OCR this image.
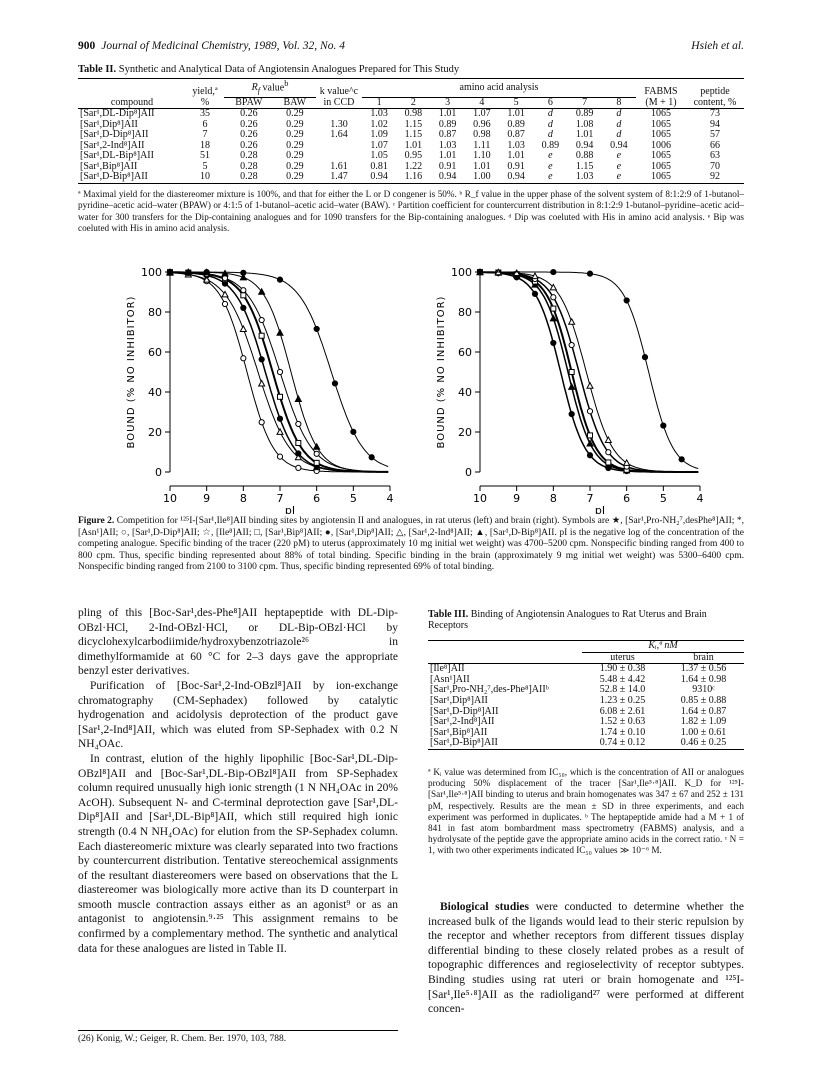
900 Journal of Medicinal Chemistry, 1989, Vol. 32, No. 4	Hsieh et al.
Table II. Synthetic and Analytical Data of Angiotensin Analogues Prepared for This Study
compound	yield,ª %	$R_f$ value$^b$		k value^c in CCD	amino acid analysis								FABMS (M + 1)	peptide content, %
		BPAW	BAW		1	2	3	4	5	6	7	8		
[Sar¹,DL-Dip⁸]AII	35	0.26	0.29		1.03	0.98	1.01	1.07	1.01	d	0.89	d	1065	73
[Sar¹,Dip⁸]AII	6	0.26	0.29	1.30	1.02	1.15	0.89	0.96	0.89	d	1.08	d	1065	94
[Sar¹,D-Dip⁸]AII	7	0.26	0.29	1.64	1.09	1.15	0.87	0.98	0.87	d	1.01	d	1065	57
[Sar¹,2-Ind⁸]AII	18	0.26	0.29		1.07	1.01	1.03	1.11	1.03	0.89	0.94	0.94	1006	66
[Sar¹,DL-Bip⁸]AII	51	0.28	0.29		1.05	0.95	1.01	1.10	1.01	e	0.88	e	1065	63
[Sar¹,Bip⁸]AII	5	0.28	0.29	1.61	0.81	1.22	0.91	1.01	0.91	e	1.15	e	1065	70
[Sar¹,D-Bip⁸]AII	10	0.28	0.29	1.47	0.94	1.16	0.94	1.00	0.94	e	1.03	e	1065	92
ª Maximal yield for the diastereomer mixture is 100%, and that for either the L or D congener is 50%. ᵇ R_f value in the upper phase of the solvent system of 8:1:2:9 of 1-butanol–pyridine–acetic acid–water (BPAW) or 4:1:5 of 1-butanol–acetic acid–water (BAW). ᶜ Partition coefficient for countercurrent distribution in 8:1:2:9 1-butanol–pyridine–acetic acid–water for 300 transfers for the Dip-containing analogues and for 1090 transfers for the Bip-containing analogues. ᵈ Dip was coeluted with His in amino acid analysis. ᵉ Bip was coeluted with His in amino acid analysis.
0
20
40
60
80
100
10 9	8	7	6	5	4
BOUND (% NO INHIBITOR)
pI
0
20
40
60
80
100
10 9	8	7	6	5	4
BOUND (% NO INHIBITOR)
pI
Figure 2. Competition for ¹²⁵I-[Sar¹,Ile⁸]AII binding sites by angiotensin II and analogues, in rat uterus (left) and brain (right). Symbols are ★, [Sar¹,Pro-NH₂⁷,desPhe⁸]AII; *, [Asn¹]AII; ○, [Sar¹,D-Dip⁸]AII; ☆, [Ile⁸]AII; □, [Sar¹,Bip⁸]AII; ●, [Sar¹,Dip⁸]AII; △, [Sar¹,2-Ind⁸]AII; ▲, [Sar¹,D-Bip⁸]AII. pI is the negative log of the concentration of the competing analogue. Specific binding of the tracer (220 pM) to uterus (approximately 10 mg initial wet weight) was 4700–5200 cpm. Nonspecific binding ranged from 400 to 800 cpm. Thus, specific binding represented about 88% of total binding. Specific binding in the brain (approximately 9 mg initial wet weight) was 5300–6400 cpm. Nonspecific binding ranged from 2100 to 3100 cpm. Thus, specific binding represented 69% of total binding.

pling of this [Boc-Sar¹,des-Phe⁸]AII heptapeptide with DL-Dip-OBzl·HCl, 2-Ind-OBzl·HCl, or DL-Bip-OBzl·HCl by dicyclohexylcarbodiimide/hydroxybenzotriazole²⁶ in dimethylformamide at 60 °C for 2–3 days gave the appropriate benzyl ester derivatives.

Purification of [Boc-Sar¹,2-Ind-OBzl⁸]AII by ion-exchange chromatography (CM-Sephadex) followed by catalytic hydrogenation and acidolysis deprotection of the product gave [Sar¹,2-Ind⁸]AII, which was eluted from SP-Sephadex with 0.2 N NH₄OAc.

In contrast, elution of the highly lipophilic [Boc-Sar¹,DL-Dip-OBzl⁸]AII and [Boc-Sar¹,DL-Bip-OBzl⁸]AII from SP-Sephadex column required unusually high ionic strength (1 N NH₄OAc in 20% AcOH). Subsequent N- and C-terminal deprotection gave [Sar¹,DL-Dip⁸]AII and [Sar¹,DL-Bip⁸]AII, which still required high ionic strength (0.4 N NH₄OAc) for elution from the SP-Sephadex column. Each diastereomeric mixture was clearly separated into two fractions by countercurrent distribution. Tentative stereochemical assignments of the resultant diastereomers were based on observations that the L diastereomer was biologically more active than its D counterpart in smooth muscle contraction assays either as an agonist⁹ or as an antagonist to angiotensin.⁹·²⁵ This assignment remains to be confirmed by a complementary method. The synthetic and analytical data for these analogues are listed in Table II.

(26) Konig, W.; Geiger, R. Chem. Ber. 1970, 103, 788.
Table III. Binding of Angiotensin Analogues to Rat Uterus and Brain Receptors
	Kᵢ,ª nM	
	uterus	brain
[Ile⁸]AII	1.90 ± 0.38	1.37 ± 0.56
[Asn¹]AII	5.48 ± 4.42	1.64 ± 0.98
[Sar¹,Pro-NH₂⁷,des-Phe⁸]AIIᵇ	52.8 ± 14.0	9310ᶜ
[Sar¹,Dip⁸]AII	1.23 ± 0.25	0.85 ± 0.88
[Sar¹,D-Dip⁸]AII	6.08 ± 2.61	1.64 ± 0.87
[Sar¹,2-Ind⁸]AII	1.52 ± 0.63	1.82 ± 1.09
[Sar¹,Bip⁸]AII	1.74 ± 0.10	1.00 ± 0.61
[Sar¹,D-Bip⁸]AII	0.74 ± 0.12	0.46 ± 0.25
ª Kᵢ value was determined from IC₅₀, which is the concentration of AII or analogues producing 50% displacement of the tracer [Sar¹,Ile⁵·⁸]AII. K_D for ¹²⁵I-[Sar¹,Ile⁵·⁸]AII binding to uterus and brain homogenates was 347 ± 67 and 252 ± 131 pM, respectively. Results are the mean ± SD in three experiments, and each experiment was performed in duplicates. ᵇ The heptapeptide amide had a M + 1 of 841 in fast atom bombardment mass spectrometry (FABMS) analysis, and a hydrolysate of the peptide gave the appropriate amino acids in the correct ratio. ᶜ N = 1, with two other experiments indicated IC₅₀ values ≫ 10⁻⁶ M.

Biological studies were conducted to determine whether the increased bulk of the ligands would lead to their steric repulsion by the receptor and whether receptors from different tissues display differential binding to these closely related probes as a result of topographic differences and regioselectivity of receptor subtypes. Binding studies using rat uteri or brain homogenate and ¹²⁵I-[Sar¹,Ile⁵·⁸]AII as the radioligand²⁷ were performed at different concen-
